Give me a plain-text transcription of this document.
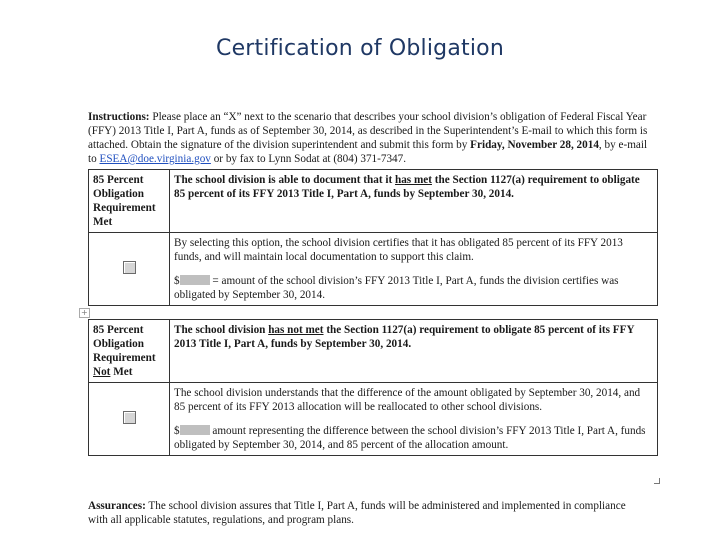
Certification of Obligation

Instructions: Please place an “X” next to the scenario that describes your school division’s obligation of Federal Fiscal Year (FFY) 2013 Title I, Part A, funds as of September 30, 2014, as described in the Superintendent’s E-mail to which this form is attached. Obtain the signature of the division superintendent and submit this form by Friday, November 28, 2014, by e-mail to ESEA@doe.virginia.gov or by fax to Lynn Sodat at (804) 371-7347.

85 Percent Obligation Requirement Met	The school division is able to document that it has met the Section 1127(a) requirement to obligate 85 percent of its FFY 2013 Title I, Part A, funds by September 30, 2014.

	By selecting this option, the school division certifies that it has obligated 85 percent of its FFY 2013 funds, and will maintain local documentation to support this claim.

$ = amount of the school division’s FFY 2013 Title I, Part A, funds the division certifies was obligated by September 30, 2014.

+
85 Percent Obligation Requirement Not Met	The school division has not met the Section 1127(a) requirement to obligate 85 percent of its FFY 2013 Title I, Part A, funds by September 30, 2014.

	The school division understands that the difference of the amount obligated by September 30, 2014, and 85 percent of its FFY 2013 allocation will be reallocated to other school divisions.

$ amount representing the difference between the school division’s FFY 2013 Title I, Part A, funds obligated by September 30, 2014, and 85 percent of the allocation amount.

Assurances: The school division assures that Title I, Part A, funds will be administered and implemented in compliance with all applicable statutes, regulations, and program plans.
